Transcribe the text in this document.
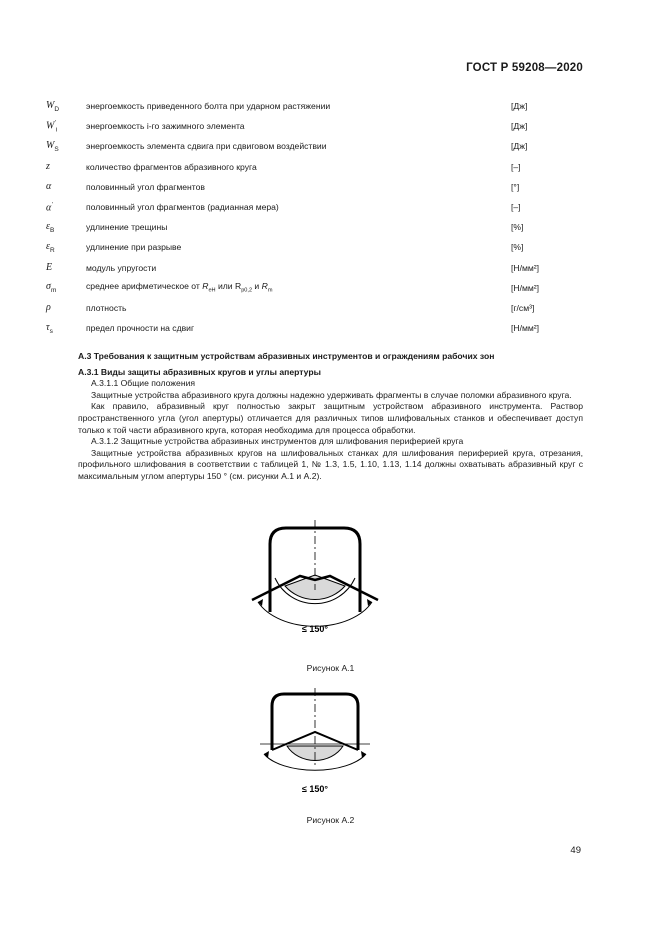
ГОСТ Р 59208—2020
$W_D$	энергоемкость приведенного болта при ударном растяжении	[Дж]
$W'_i$	энергоемкость i-го зажимного элемента	[Дж]
$W_S$	энергоемкость элемента сдвига при сдвиговом воздействии	[Дж]
z	количество фрагментов абразивного круга	[–]
α	половинный угол фрагментов	[°]
α'	половинный угол фрагментов (радианная мера)	[–]
$\varepsilon_B$	удлинение трещины	[%]
$\varepsilon_R$	удлинение при разрыве	[%]
E	модуль упругости	[Н/мм²]
$\sigma_m$	среднее арифметическое от $R_{eH}$ или $R_{p0,2}$ и $R_m$	[Н/мм²]
ρ	плотность	[г/см³]
$\tau_s$	предел прочности на сдвиг	[Н/мм²]
А.3 Требования к защитным устройствам абразивных инструментов и ограждениям рабочих зон
А.3.1 Виды защиты абразивных кругов и углы апертуры

А.3.1.1 Общие положения

Защитные устройства абразивного круга должны надежно удерживать фрагменты в случае поломки абразивного круга.

Как правило, абразивный круг полностью закрыт защитным устройством абразивного инструмента. Раствор пространственного угла (угол апертуры) отличается для различных типов шлифовальных станков и обеспечивает доступ только к той части абразивного круга, которая необходима для процесса обработки.

А.3.1.2 Защитные устройства абразивных инструментов для шлифования периферией круга

Защитные устройства абразивных кругов на шлифовальных станках для шлифования периферией круга, отрезания, профильного шлифования в соответствии с таблицей 1, № 1.3, 1.5, 1.10, 1.13, 1.14 должны охватывать абразивный круг с максимальным углом апертуры 150 ° (см. рисунки А.1 и А.2).

≤ 150°
Рисунок А.1
≤ 150°
Рисунок А.2
49
